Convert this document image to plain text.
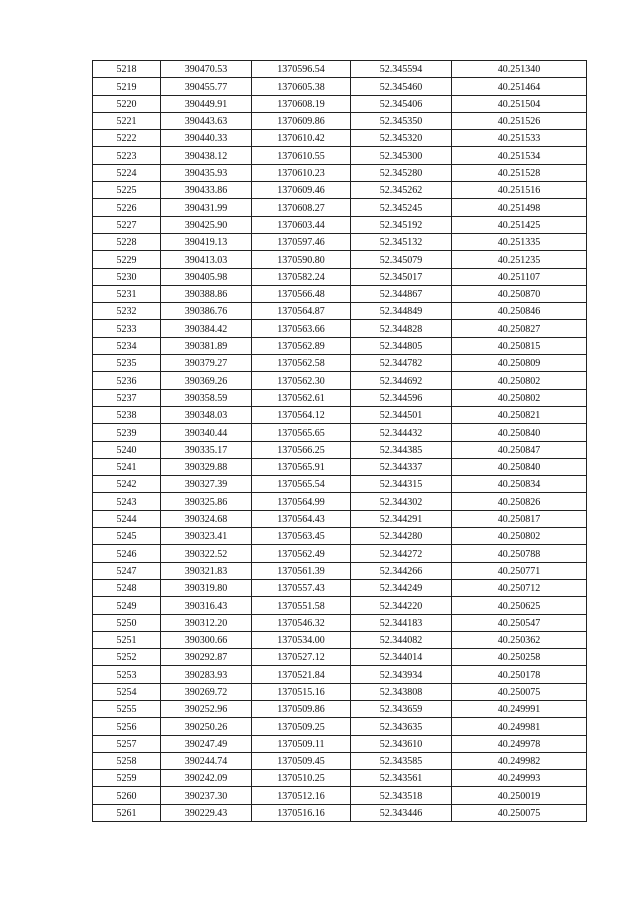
5218	390470.53	1370596.54	52.345594	40.251340
5219	390455.77	1370605.38	52.345460	40.251464
5220	390449.91	1370608.19	52.345406	40.251504
5221	390443.63	1370609.86	52.345350	40.251526
5222	390440.33	1370610.42	52.345320	40.251533
5223	390438.12	1370610.55	52.345300	40.251534
5224	390435.93	1370610.23	52.345280	40.251528
5225	390433.86	1370609.46	52.345262	40.251516
5226	390431.99	1370608.27	52.345245	40.251498
5227	390425.90	1370603.44	52.345192	40.251425
5228	390419.13	1370597.46	52.345132	40.251335
5229	390413.03	1370590.80	52.345079	40.251235
5230	390405.98	1370582.24	52.345017	40.251107
5231	390388.86	1370566.48	52.344867	40.250870
5232	390386.76	1370564.87	52.344849	40.250846
5233	390384.42	1370563.66	52.344828	40.250827
5234	390381.89	1370562.89	52.344805	40.250815
5235	390379.27	1370562.58	52.344782	40.250809
5236	390369.26	1370562.30	52.344692	40.250802
5237	390358.59	1370562.61	52.344596	40.250802
5238	390348.03	1370564.12	52.344501	40.250821
5239	390340.44	1370565.65	52.344432	40.250840
5240	390335.17	1370566.25	52.344385	40.250847
5241	390329.88	1370565.91	52.344337	40.250840
5242	390327.39	1370565.54	52.344315	40.250834
5243	390325.86	1370564.99	52.344302	40.250826
5244	390324.68	1370564.43	52.344291	40.250817
5245	390323.41	1370563.45	52.344280	40.250802
5246	390322.52	1370562.49	52.344272	40.250788
5247	390321.83	1370561.39	52.344266	40.250771
5248	390319.80	1370557.43	52.344249	40.250712
5249	390316.43	1370551.58	52.344220	40.250625
5250	390312.20	1370546.32	52.344183	40.250547
5251	390300.66	1370534.00	52.344082	40.250362
5252	390292.87	1370527.12	52.344014	40.250258
5253	390283.93	1370521.84	52.343934	40.250178
5254	390269.72	1370515.16	52.343808	40.250075
5255	390252.96	1370509.86	52.343659	40.249991
5256	390250.26	1370509.25	52.343635	40.249981
5257	390247.49	1370509.11	52.343610	40.249978
5258	390244.74	1370509.45	52.343585	40.249982
5259	390242.09	1370510.25	52.343561	40.249993
5260	390237.30	1370512.16	52.343518	40.250019
5261	390229.43	1370516.16	52.343446	40.250075
